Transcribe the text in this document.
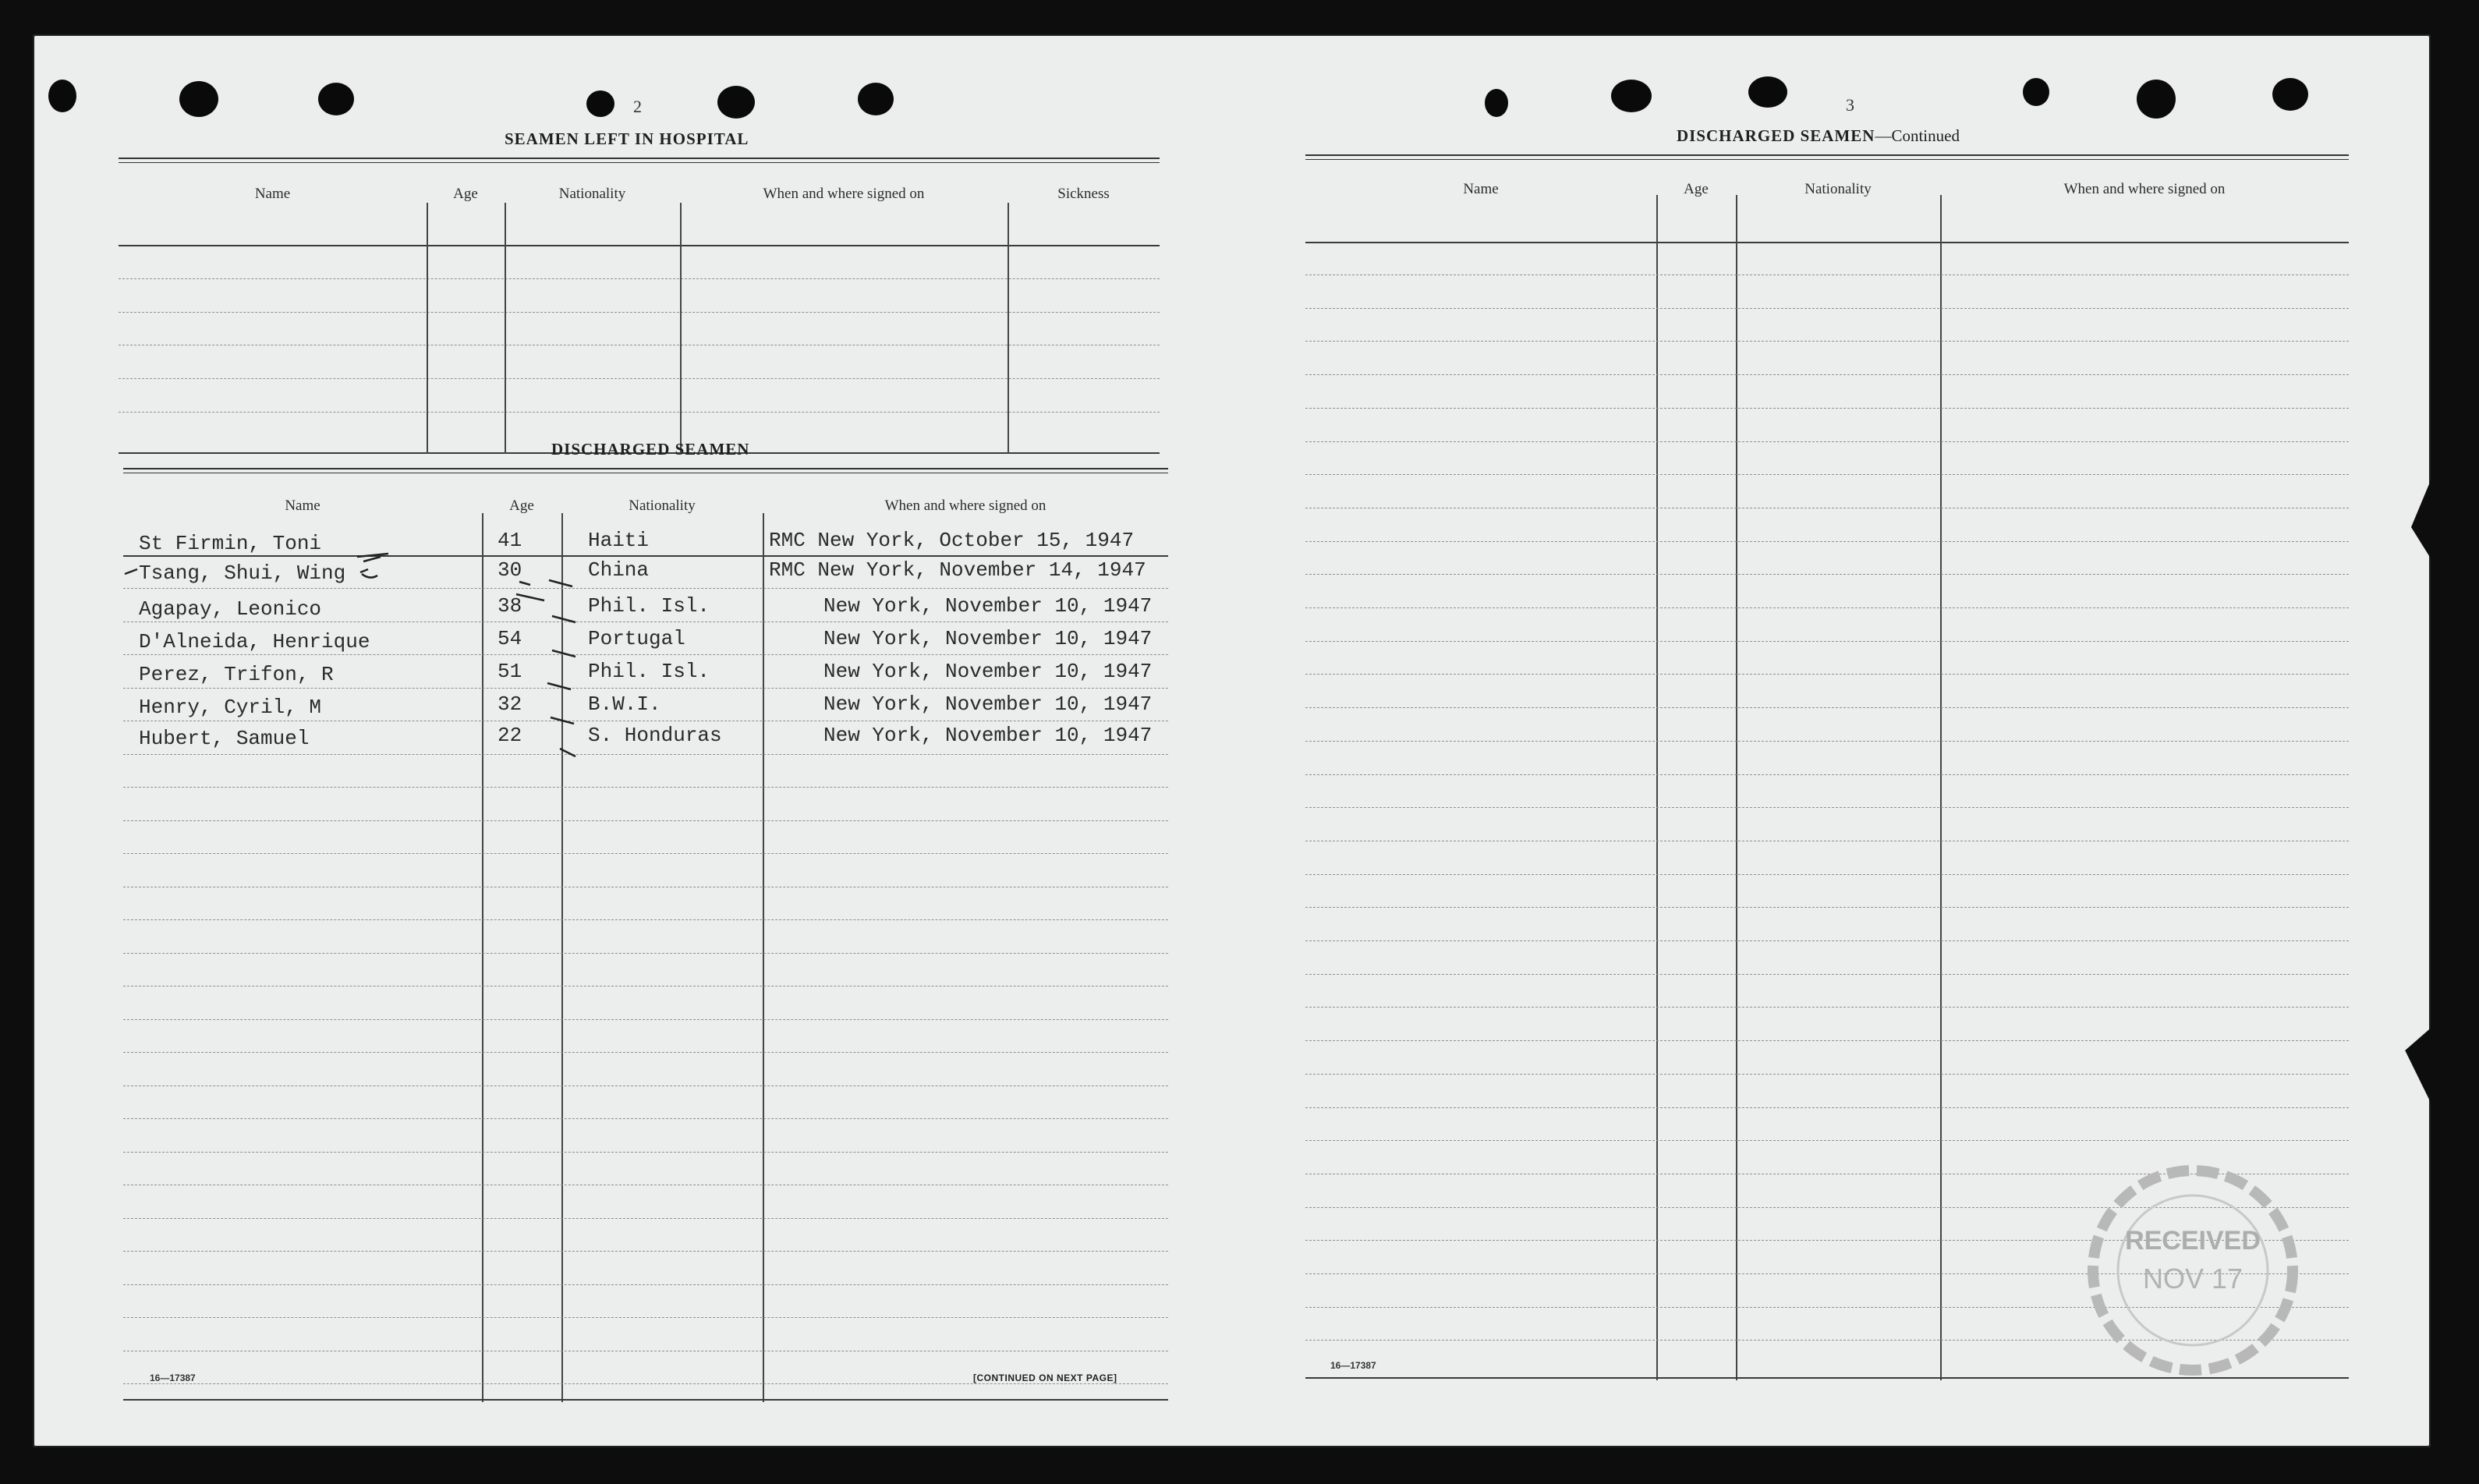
2
SEAMEN LEFT IN HOSPITAL
Name	Age	Nationality	When and where signed on	Sickness
DISCHARGED SEAMEN
Name	Age	Nationality	When and where signed on
St Firmin, Toni	41	Haiti	RMC New York, October 15, 1947
Tsang, Shui, Wing	30	China	RMC New York, November 14, 1947
Agapay, Leonico	38	Phil. Isl.	New York, November 10, 1947
D'Alneida, Henrique	54	Portugal	New York, November 10, 1947
Perez, Trifon, R	51	Phil. Isl.	New York, November 10, 1947
Henry, Cyril, M	32	B.W.I.	New York, November 10, 1947
Hubert, Samuel	22	S. Honduras	New York, November 10, 1947
16—17387	[CONTINUED ON NEXT PAGE]
3
DISCHARGED SEAMEN—Continued
Name	Age	Nationality	When and where signed on
16—17387
RECEIVED
NOV 17
